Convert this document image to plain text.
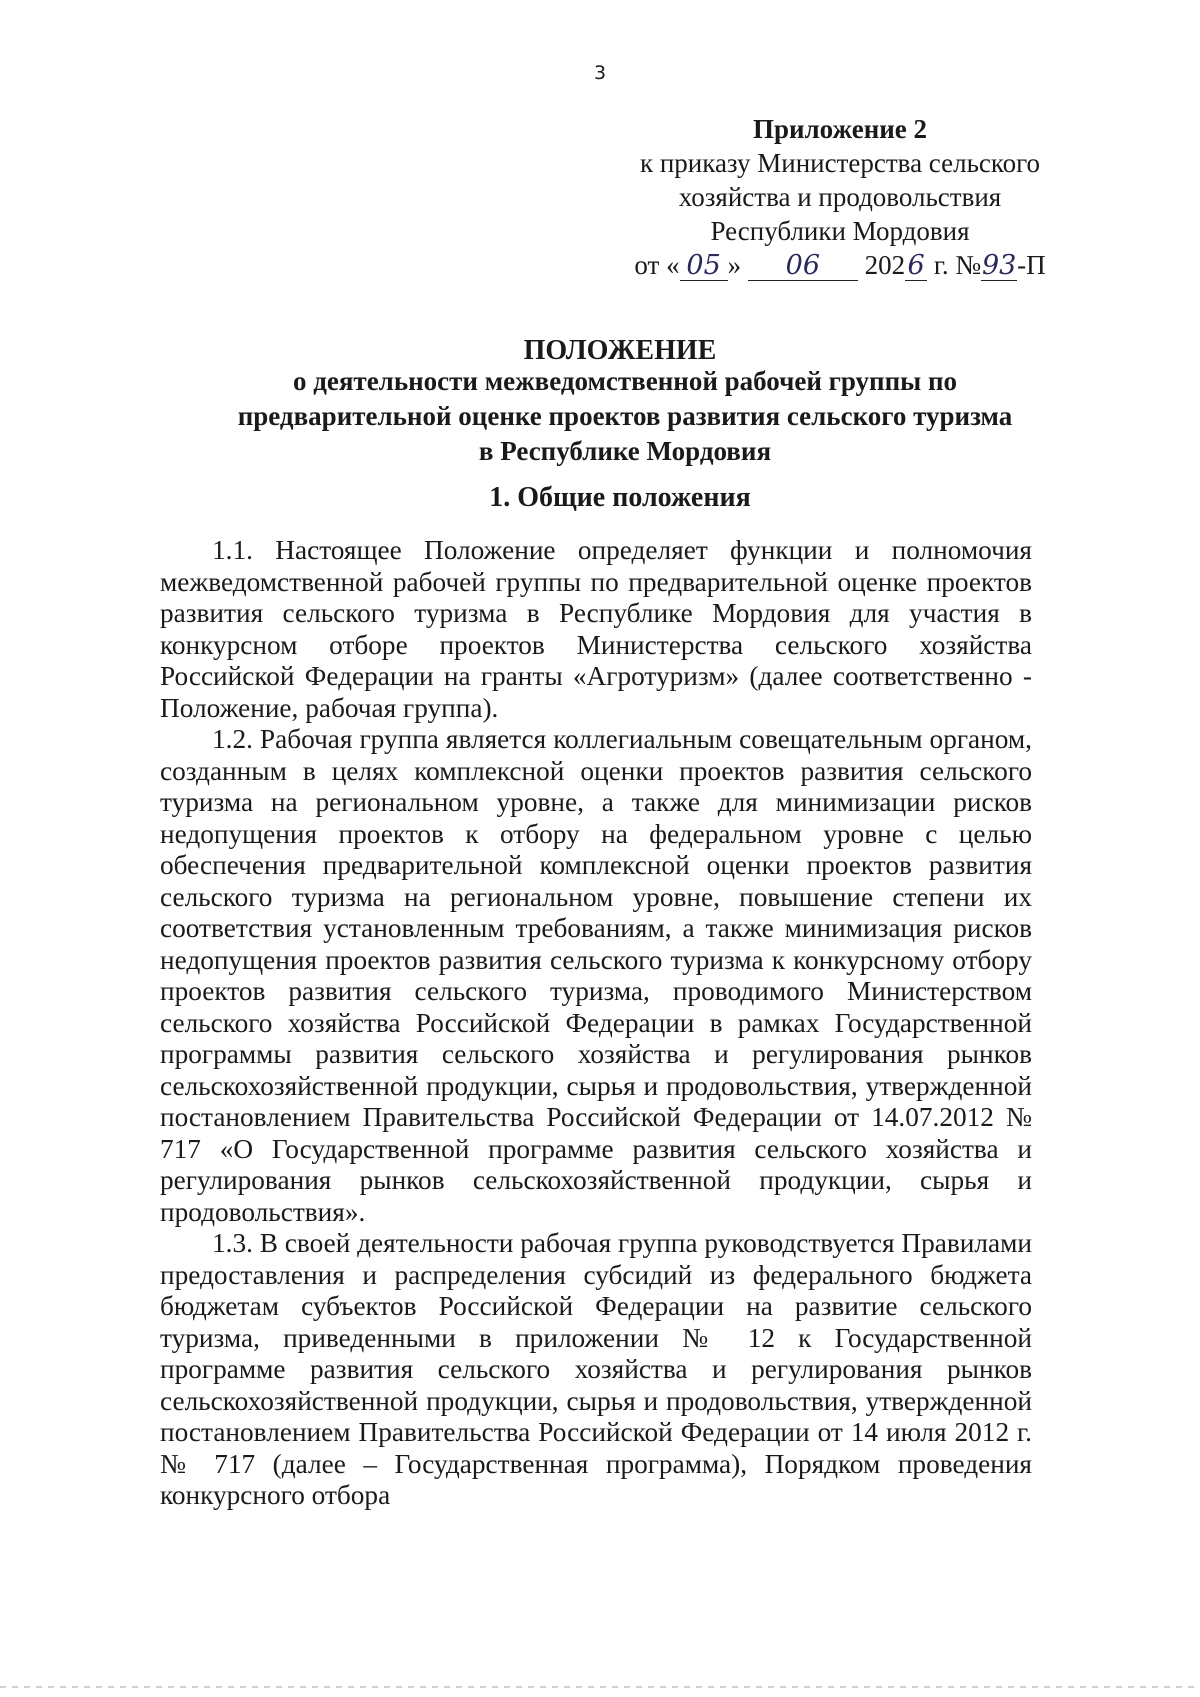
3
Приложение 2
к приказу Министерства сельского
хозяйства и продовольствия
Республики Мордовия
от « 05 » 06 2026 г. №93-П
ПОЛОЖЕНИЕ
о деятельности межведомственной рабочей группы по
предварительной оценке проектов развития сельского туризма
в Республике Мордовия
1. Общие положения

1.1. Настоящее Положение определяет функции и полномочия межведомственной рабочей группы по предварительной оценке проектов развития сельского туризма в Республике Мордовия для участия в конкурсном отборе проектов Министерства сельского хозяйства Российской Федерации на гранты «Агротуризм» (далее соответственно - Положение, рабочая группа).

1.2. Рабочая группа является коллегиальным совещательным органом, созданным в целях комплексной оценки проектов развития сельского туризма на региональном уровне, а также для минимизации рисков недопущения проектов к отбору на федеральном уровне с целью обеспечения предварительной комплексной оценки проектов развития сельского туризма на региональном уровне, повышение степени их соответствия установленным требованиям, а также минимизация рисков недопущения проектов развития сельского туризма к конкурсному отбору проектов развития сельского туризма, проводимого Министерством сельского хозяйства Российской Федерации в рамках Государственной программы развития сельского хозяйства и регулирования рынков сельскохозяйственной продукции, сырья и продовольствия, утвержденной постановлением Правительства Российской Федерации от 14.07.2012 № 717 «О Государственной программе развития сельского хозяйства и регулирования рынков сельскохозяйственной продукции, сырья и продовольствия».

1.3. В своей деятельности рабочая группа руководствуется Правилами предоставления и распределения субсидий из федерального бюджета бюджетам субъектов Российской Федерации на развитие сельского туризма, приведенными в приложении № 12 к Государственной программе развития сельского хозяйства и регулирования рынков сельскохозяйственной продукции, сырья и продовольствия, утвержденной постановлением Правительства Российской Федерации от 14 июля 2012 г. № 717 (далее – Государственная программа), Порядком проведения конкурсного отбора
